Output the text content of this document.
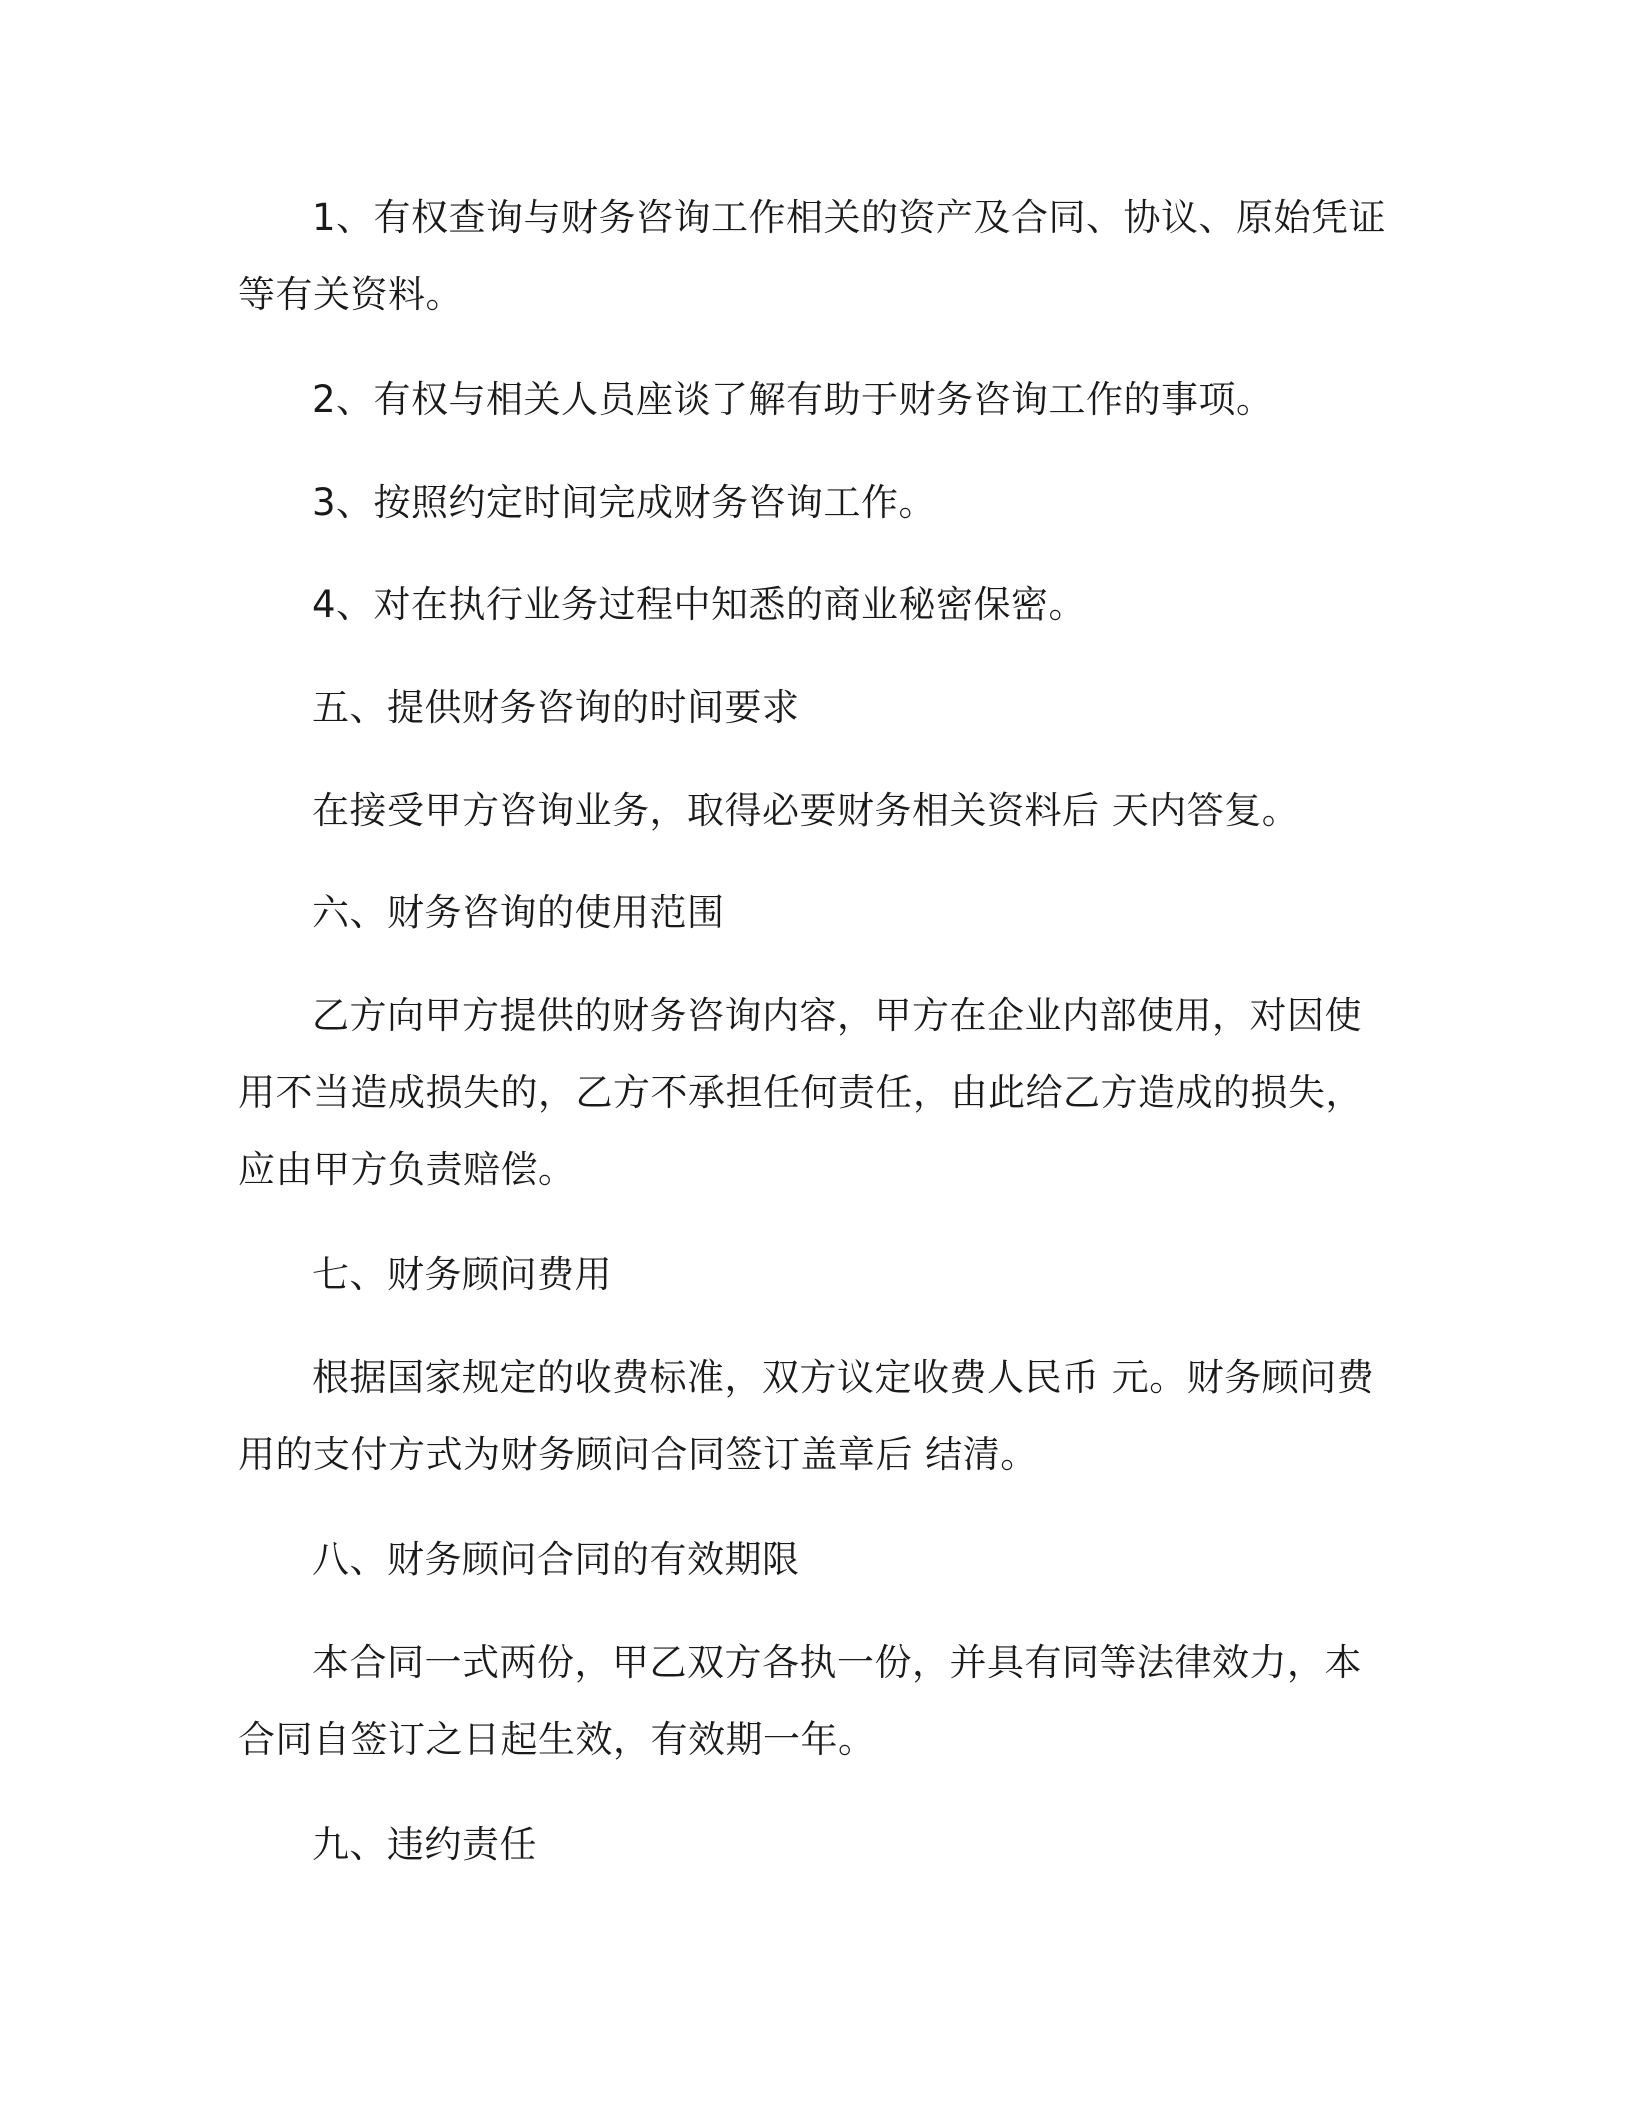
1、有权查询与财务咨询工作相关的资产及合同、协议、原始凭证

等有关资料。

2、有权与相关人员座谈了解有助于财务咨询工作的事项。

3、按照约定时间完成财务咨询工作。

4、对在执行业务过程中知悉的商业秘密保密。

五、提供财务咨询的时间要求

在接受甲方咨询业务，取得必要财务相关资料后 天内答复。

六、财务咨询的使用范围

乙方向甲方提供的财务咨询内容，甲方在企业内部使用，对因使

用不当造成损失的，乙方不承担任何责任，由此给乙方造成的损失，

应由甲方负责赔偿。

七、财务顾问费用

根据国家规定的收费标准，双方议定收费人民币 元。财务顾问费

用的支付方式为财务顾问合同签订盖章后 结清。

八、财务顾问合同的有效期限

本合同一式两份，甲乙双方各执一份，并具有同等法律效力，本

合同自签订之日起生效，有效期一年。

九、违约责任
